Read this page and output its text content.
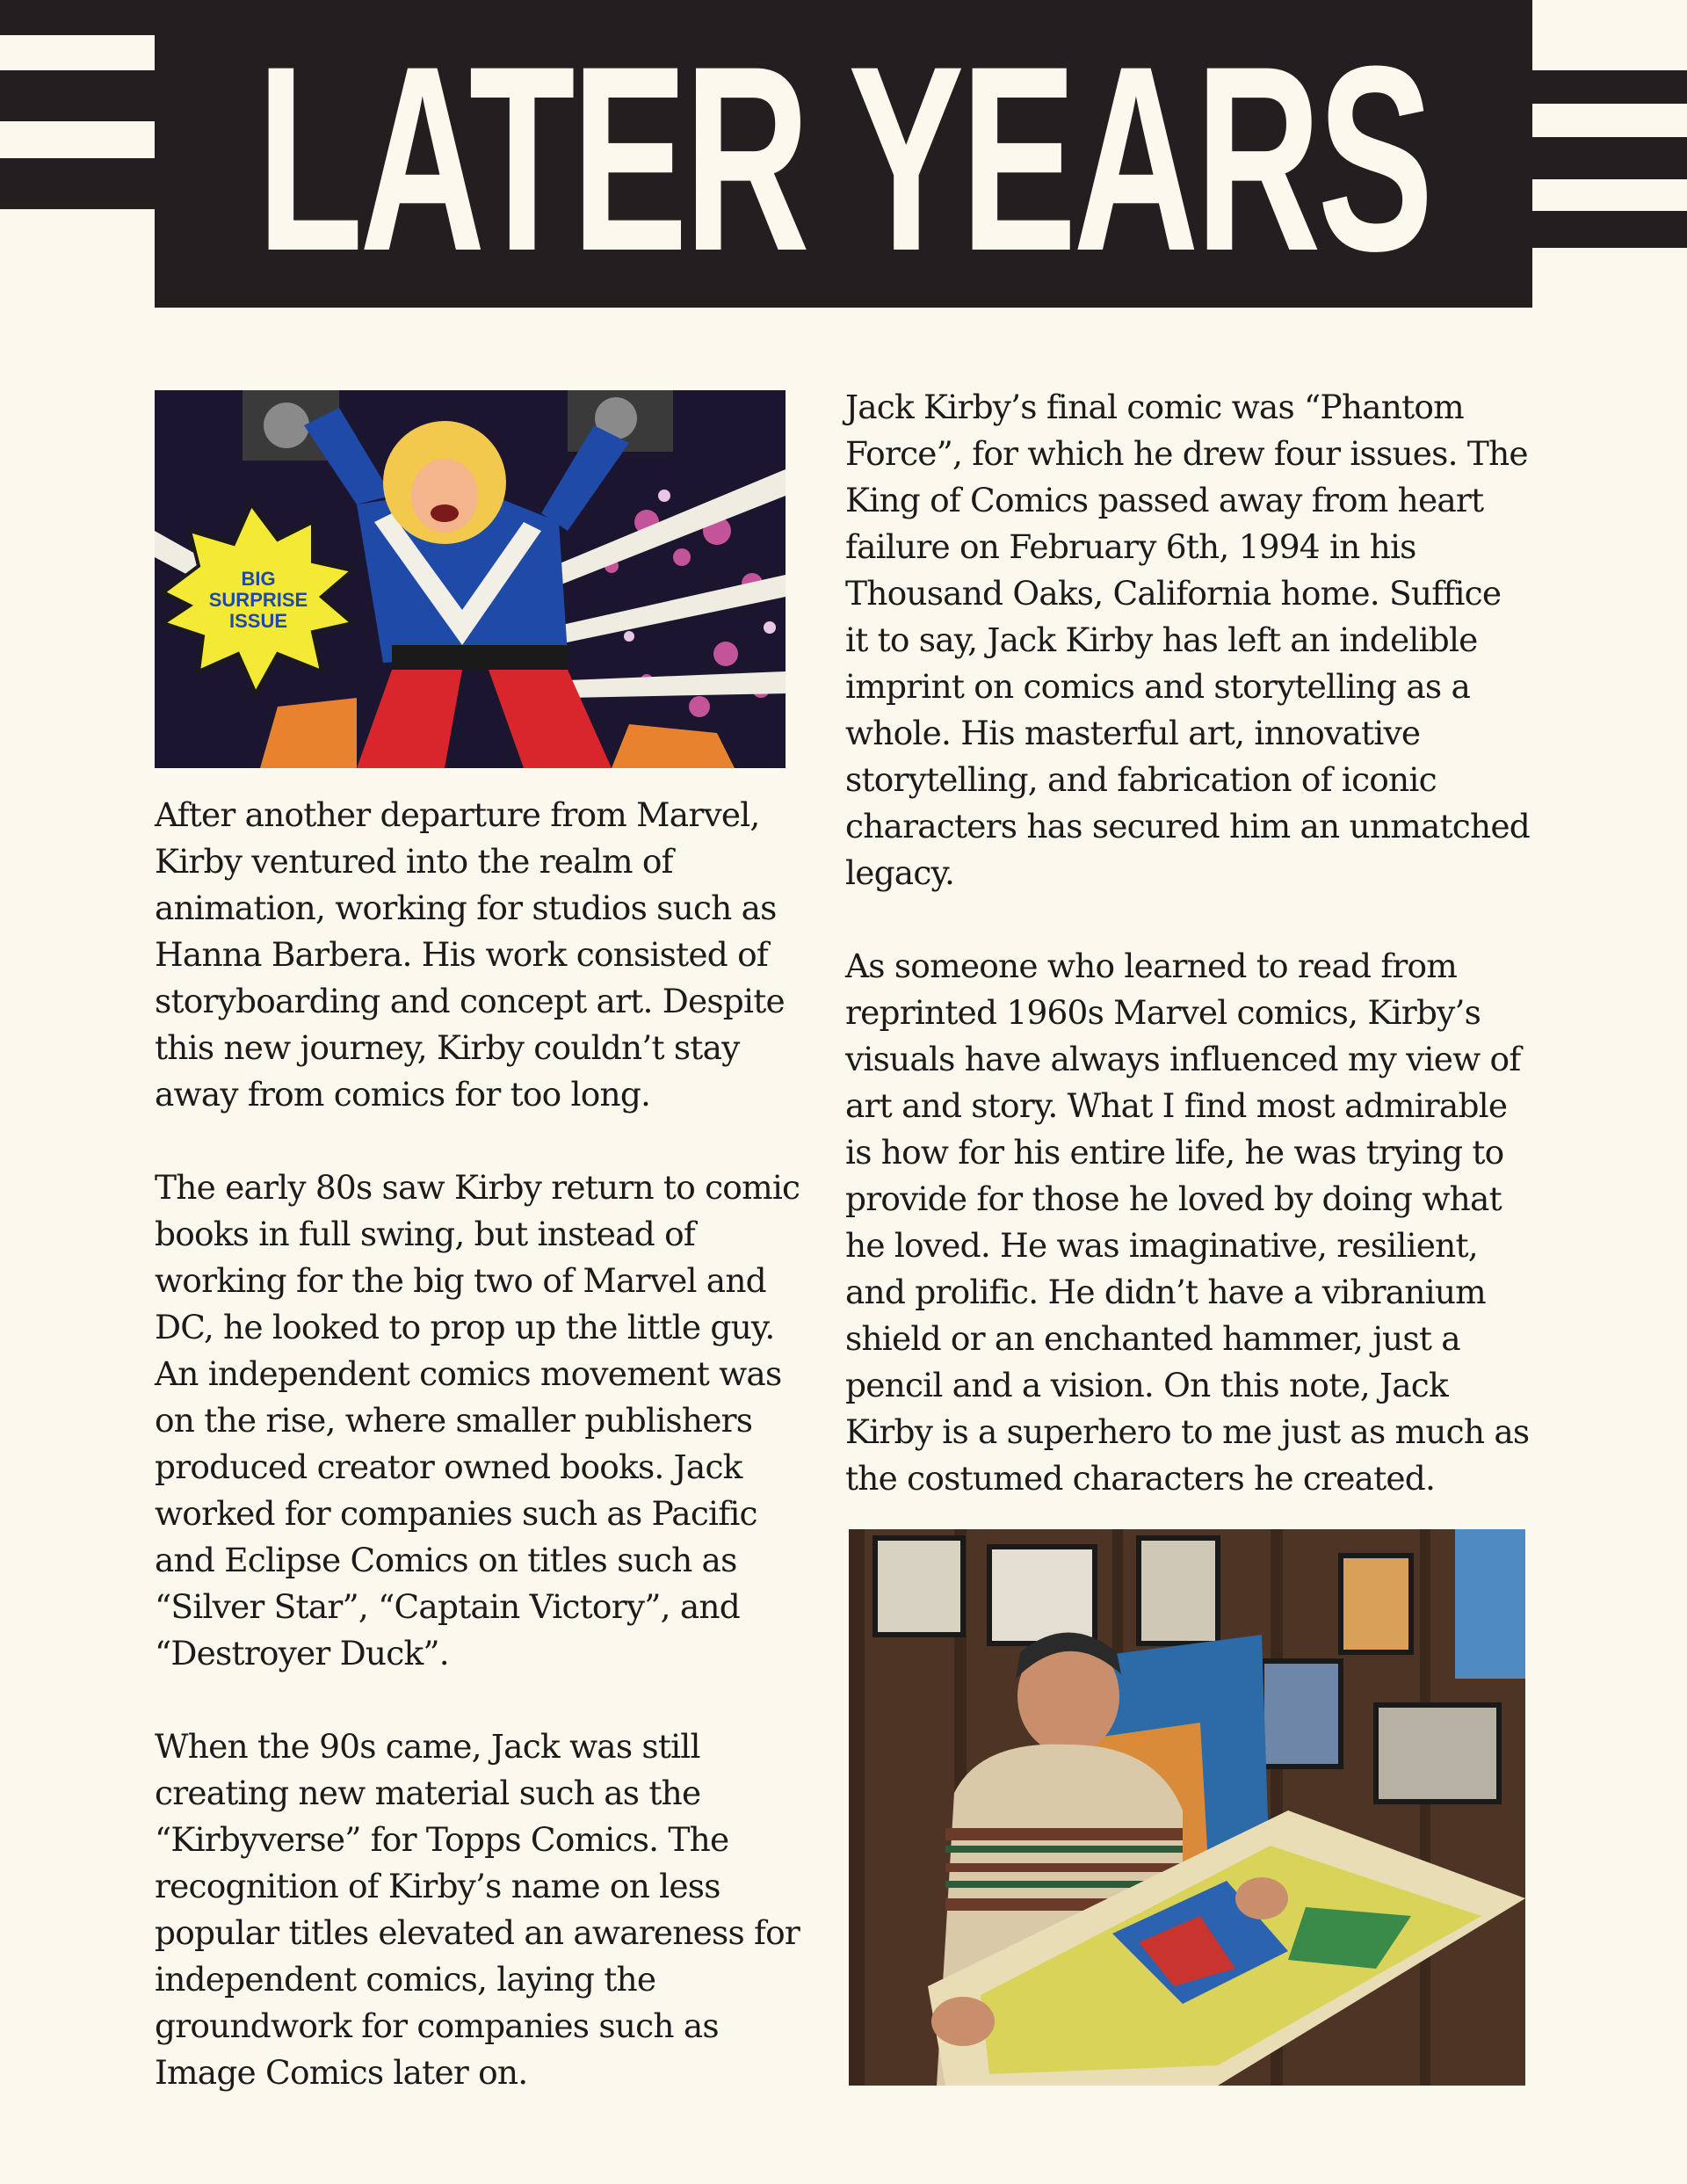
LATER YEARS
BIG
SURPRISE
ISSUE

After another departure from Marvel, Kirby ventured into the realm of animation, working for studios such as Hanna Barbera. His work consisted of storyboarding and concept art. Despite this new journey, Kirby couldn’t stay away from comics for too long.

The early 80s saw Kirby return to comic books in full swing, but instead of working for the big two of Marvel and DC, he looked to prop up the little guy. An independent comics movement was on the rise, where smaller publishers produced creator owned books. Jack worked for companies such as Pacific and Eclipse Comics on titles such as “Silver Star”, “Captain Victory”, and “Destroyer Duck”.

When the 90s came, Jack was still creating new material such as the “Kirbyverse” for Topps Comics. The recognition of Kirby’s name on less popular titles elevated an awareness for independent comics, laying the groundwork for companies such as Image Comics later on.

Jack Kirby’s final comic was “Phantom Force”, for which he drew four issues. The King of Comics passed away from heart failure on February 6th, 1994 in his Thousand Oaks, California home. Suffice it to say, Jack Kirby has left an indelible imprint on comics and storytelling as a whole. His masterful art, innovative storytelling, and fabrication of iconic characters has secured him an unmatched legacy.

As someone who learned to read from reprinted 1960s Marvel comics, Kirby’s visuals have always influenced my view of art and story. What I find most admirable is how for his entire life, he was trying to provide for those he loved by doing what he loved. He was imaginative, resilient, and prolific. He didn’t have a vibranium shield or an enchanted hammer, just a pencil and a vision. On this note, Jack Kirby is a superhero to me just as much as the costumed characters he created.
